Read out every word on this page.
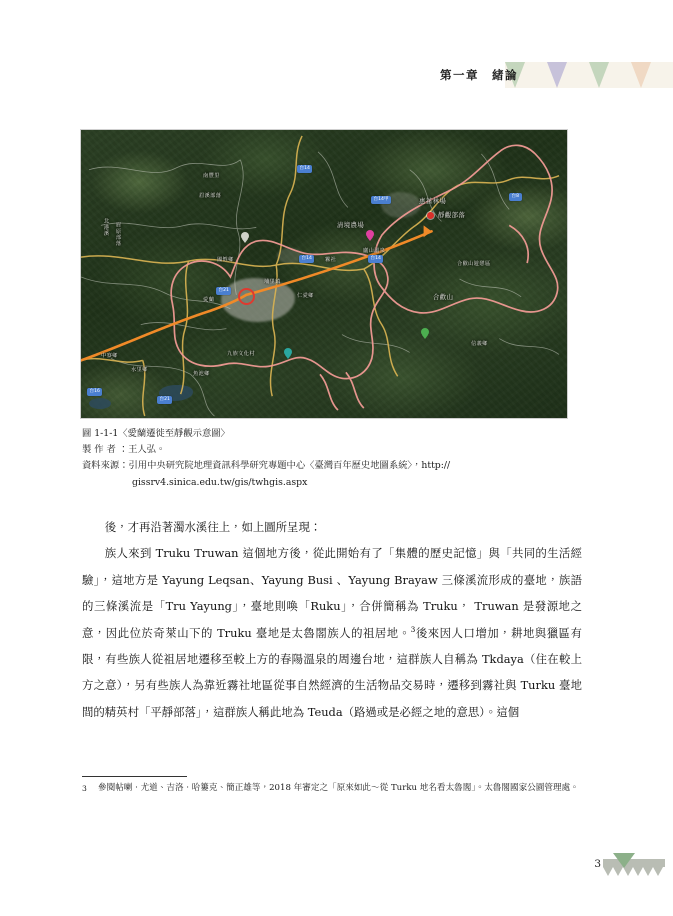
第一章　緒論
惠蓀林場
南豐里
眉溪部落
國姓鄉
清境農場
靜觀部落
合歡山
埔里鎮
愛蘭
仁愛鄉
魚池鄉
九族文化村
水里鄉
信義鄉
中寮鄉
霧社
廬山溫泉
合歡山遊憩區
北港溪 眉原部落
台14
台21
台14甲
台14
台8
台21
台14
台16
圖 1-1-1〈愛蘭遷徙至靜觀示意圖〉
製 作 者 ：王人弘。
資料來源：引用中央研究院地理資訊科學研究專題中心〈臺灣百年歷史地圖系統〉，http://
gissrv4.sinica.edu.tw/gis/twhgis.aspx

後，才再沿著濁水溪往上，如上圖所呈現：

族人來到 Truku Truwan 這個地方後，從此開始有了「集體的歷史記憶」與「共同的生活經驗」，這地方是 Yayung Leqsan、Yayung Busi 、Yayung Brayaw 三條溪流形成的臺地，族語的三條溪流是「Tru Yayung」，臺地則喚「Ruku」，合併簡稱為 Truku， Truwan 是發源地之意，因此位於奇萊山下的 Truku 臺地是太魯閣族人的祖居地。$^3$後來因人口增加，耕地與獵區有限，有些族人從祖居地遷移至較上方的春陽溫泉的周邊台地，這群族人自稱為 Tkdaya（住在較上方之意），另有些族人為靠近霧社地區從事自然經濟的生活物品交易時，遷移到霧社與 Turku 臺地間的精英村「平靜部落」，這群族人稱此地為 Teuda（路過或是必經之地的意思）。這個

3	參閱帖喇 · 尤道、吉洛 · 哈簍克、簡正雄等，2018 年審定之「原來如此～從 Turku 地名看太魯閣」。太魯閣國家公園管理處。
3
